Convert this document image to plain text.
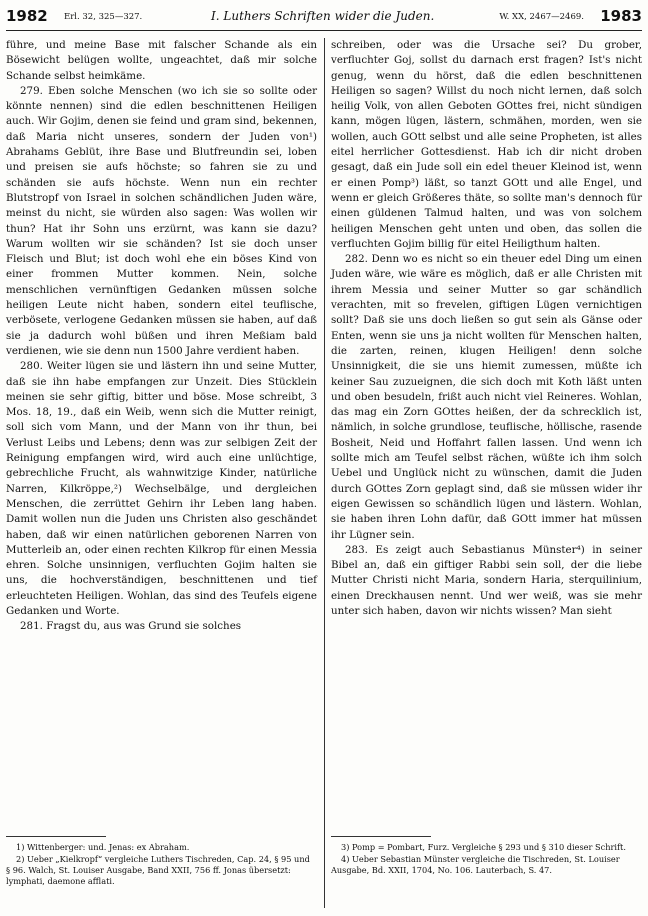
1982 Erl. 32, 325—327.	I. Luthers Schriften wider die Juden.	W. XX, 2467—2469. 1983

führe, und meine Base mit falscher Schande als ein Bösewicht belügen wollte, ungeachtet, daß mir solche Schande selbst heimkäme.

279. Eben solche Menschen (wo ich sie so sollte oder könnte nennen) sind die edlen beschnittenen Heiligen auch. Wir Gojim, denen sie feind und gram sind, bekennen, daß Maria nicht unseres, sondern der Juden von¹) Abrahams Geblüt, ihre Base und Blutfreundin sei, loben und preisen sie aufs höchste; so fahren sie zu und schänden sie aufs höchste. Wenn nun ein rechter Blutstropf von Israel in solchen schändlichen Juden wäre, meinst du nicht, sie würden also sagen: Was wollen wir thun? Hat ihr Sohn uns erzürnt, was kann sie dazu? Warum wollten wir sie schänden? Ist sie doch unser Fleisch und Blut; ist doch wohl ehe ein böses Kind von einer frommen Mutter kommen. Nein, solche menschlichen vernünftigen Gedanken müssen solche heiligen Leute nicht haben, sondern eitel teuflische, verbösete, verlogene Gedanken müssen sie haben, auf daß sie ja dadurch wohl büßen und ihren Meßiam bald verdienen, wie sie denn nun 1500 Jahre verdient haben.

280. Weiter lügen sie und lästern ihn und seine Mutter, daß sie ihn habe empfangen zur Unzeit. Dies Stücklein meinen sie sehr giftig, bitter und böse. Mose schreibt, 3 Mos. 18, 19., daß ein Weib, wenn sich die Mutter reinigt, soll sich vom Mann, und der Mann von ihr thun, bei Verlust Leibs und Lebens; denn was zur selbigen Zeit der Reinigung empfangen wird, wird auch eine unlüchtige, gebrechliche Frucht, als wahnwitzige Kinder, natürliche Narren, Kilkröppe,²) Wechselbälge, und dergleichen Menschen, die zerrüttet Gehirn ihr Leben lang haben. Damit wollen nun die Juden uns Christen also geschändet haben, daß wir einen natürlichen geborenen Narren von Mutterleib an, oder einen rechten Kilkrop für einen Messia ehren. Solche unsinnigen, verfluchten Gojim halten sie uns, die hochverständigen, beschnittenen und tief erleuchteten Heiligen. Wohlan, das sind des Teufels eigene Gedanken und Worte.

281. Fragst du, aus was Grund sie solches

schreiben, oder was die Ursache sei? Du grober, verfluchter Goj, sollst du darnach erst fragen? Ist's nicht genug, wenn du hörst, daß die edlen beschnittenen Heiligen so sagen? Willst du noch nicht lernen, daß solch heilig Volk, von allen Geboten GOttes frei, nicht sündigen kann, mögen lügen, lästern, schmähen, morden, wen sie wollen, auch GOtt selbst und alle seine Propheten, ist alles eitel herrlicher Gottesdienst. Hab ich dir nicht droben gesagt, daß ein Jude soll ein edel theuer Kleinod ist, wenn er einen Pomp³) läßt, so tanzt GOtt und alle Engel, und wenn er gleich Größeres thäte, so sollte man's dennoch für einen güldenen Talmud halten, und was von solchem heiligen Menschen geht unten und oben, das sollen die verfluchten Gojim billig für eitel Heiligthum halten.

282. Denn wo es nicht so ein theuer edel Ding um einen Juden wäre, wie wäre es möglich, daß er alle Christen mit ihrem Messia und seiner Mutter so gar schändlich verachten, mit so frevelen, giftigen Lügen vernichtigen sollt? Daß sie uns doch ließen so gut sein als Gänse oder Enten, wenn sie uns ja nicht wollten für Menschen halten, die zarten, reinen, klugen Heiligen! denn solche Unsinnigkeit, die sie uns hiemit zumessen, müßte ich keiner Sau zuzueignen, die sich doch mit Koth läßt unten und oben besudeln, frißt auch nicht viel Reineres. Wohlan, das mag ein Zorn GOttes heißen, der da schrecklich ist, nämlich, in solche grundlose, teuflische, höllische, rasende Bosheit, Neid und Hoffahrt fallen lassen. Und wenn ich sollte mich am Teufel selbst rächen, wüßte ich ihm solch Uebel und Unglück nicht zu wünschen, damit die Juden durch GOttes Zorn geplagt sind, daß sie müssen wider ihr eigen Gewissen so schändlich lügen und lästern. Wohlan, sie haben ihren Lohn dafür, daß GOtt immer hat müssen ihr Lügner sein.

283. Es zeigt auch Sebastianus Münster⁴) in seiner Bibel an, daß ein giftiger Rabbi sein soll, der die liebe Mutter Christi nicht Maria, sondern Haria, sterquilinium, einen Dreckhausen nennt. Und wer weiß, was sie mehr unter sich haben, davon wir nichts wissen? Man sieht

1) Wittenberger: und. Jenas: ex Abraham.

2) Ueber „Kielkropf“ vergleiche Luthers Tischreden, Cap. 24, § 95 und § 96. Walch, St. Louiser Ausgabe, Band XXII, 756 ff. Jonas übersetzt: lymphati, daemone afflati.

3) Pomp = Pombart, Furz. Vergleiche § 293 und § 310 dieser Schrift.

4) Ueber Sebastian Münster vergleiche die Tischreden, St. Louiser Ausgabe, Bd. XXII, 1704, No. 106. Lauterbach, S. 47.
